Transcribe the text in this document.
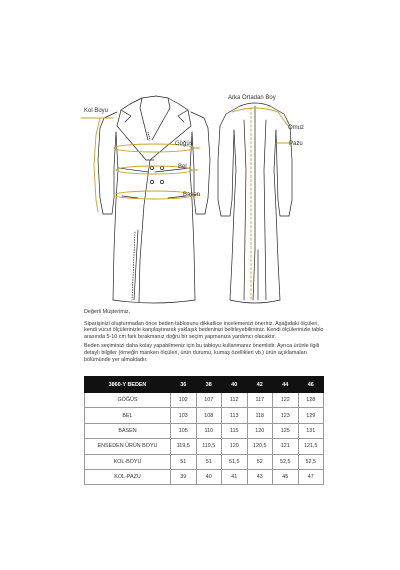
Kol Boyu
Göğüs
Bel
Basen
Arka Ortadan Boy
Omuz
Pazu

Değerli Müşterimiz,

Siparişinizi oluşturmadan önce beden tablosunu dikkatlice incelemenizi öneririz. Aşağıdaki ölçüleri, kendi vücut ölçülerinizle karşılaştırarak yaklaşık bedeninizi belirleyebilirsiniz. Kendi ölçülerinizle tablo arasında 5-10 cm fark bırakmanız doğru bir seçim yapmanıza yardımcı olacaktır.

Beden seçiminizi daha kolay yapabilmeniz için bu tabloyu kullanmanız önemlidir. Ayrıca ürünle ilgili detaylı bilgiler (örneğin manken ölçüleri, ürün durumu, kumaş özellikleri vb.) ürün açıklamaları bölümünde yer almaktadır.

3860-Y BEDEN	36	38	40	42	44	46
GÖĞÜS	102	107	112	117	122	128
BEL	103	108	113	118	123	129
BASEN	105	110	115	120	125	131
ENSEDEN ÜRÜN BOYU	119,5	119,5	120	120,5	121	121,5
KOL-BOYU	51	51	51,5	52	52,5	52,5
KOL-PAZU	39	40	41	43	45	47
